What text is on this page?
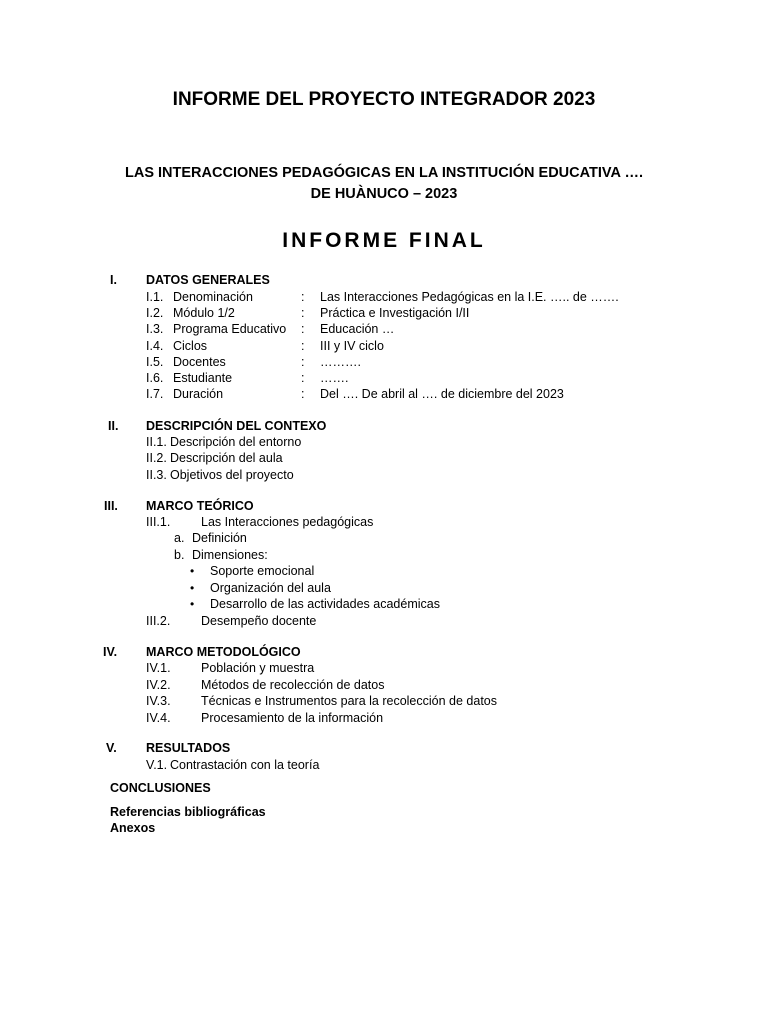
INFORME DEL PROYECTO INTEGRADOR 2023
LAS INTERACCIONES PEDAGÓGICAS EN LA INSTITUCIÓN EDUCATIVA ….
DE HUÀNUCO – 2023
INFORME FINAL
I. DATOS GENERALES
I.1. Denominación	: Las Interacciones Pedagógicas en la I.E. ….. de …….
I.2. Módulo 1/2	: Práctica e Investigación I/II
I.3. Programa Educativo : Educación …
I.4. Ciclos	: III y IV ciclo
I.5. Docentes	: ……….
I.6. Estudiante	: …….
I.7. Duración	: Del …. De abril al …. de diciembre del 2023
II. DESCRIPCIÓN DEL CONTEXO
II.1. Descripción del entorno
II.2. Descripción del aula
II.3. Objetivos del proyecto
III. MARCO TEÓRICO
III.1. Las Interacciones pedagógicas
a. Definición
b. Dimensiones:
• Soporte emocional
• Organización del aula
• Desarrollo de las actividades académicas
III.2. Desempeño docente
IV. MARCO METODOLÓGICO
IV.1. Población y muestra
IV.2. Métodos de recolección de datos
IV.3. Técnicas e Instrumentos para la recolección de datos
IV.4. Procesamiento de la información
V. RESULTADOS
V.1. Contrastación con la teoría
CONCLUSIONES
Referencias bibliográficas
Anexos
